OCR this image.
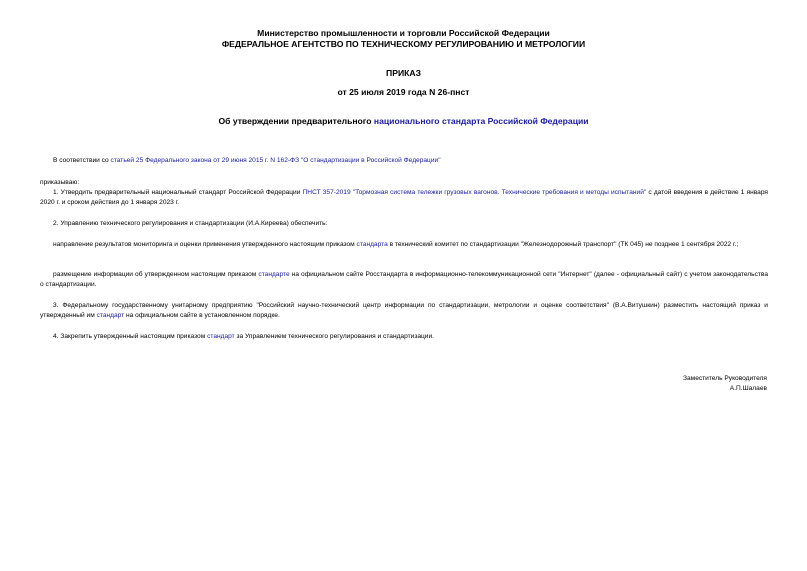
Министерство промышленности и торговли Российской Федерации
ФЕДЕРАЛЬНОЕ АГЕНТСТВО ПО ТЕХНИЧЕСКОМУ РЕГУЛИРОВАНИЮ И МЕТРОЛОГИИ
ПРИКАЗ
от 25 июля 2019 года N 26-пнст
Об утверждении предварительного национального стандарта Российской Федерации
В соответствии со статьей 25 Федерального закона от 29 июня 2015 г. N 162-ФЗ "О стандартизации в Российской Федерации"
приказываю:
1. Утвердить предварительный национальный стандарт Российской Федерации ПНСТ 357-2019 "Тормозная система тележки грузовых вагонов. Технические требования и методы испытаний" с датой введения в действие 1 января 2020 г. и сроком действия до 1 января 2023 г.
2. Управлению технического регулирования и стандартизации (И.А.Киреева) обеспечить:
направление результатов мониторинга и оценки применения утвержденного настоящим приказом стандарта в технический комитет по стандартизации "Железнодорожный транспорт" (ТК 045) не позднее 1 сентября 2022 г.;
размещение информации об утвержденном настоящим приказом стандарте на официальном сайте Росстандарта в информационно-телекоммуникационной сети "Интернет" (далее - официальный сайт) с учетом законодательства о стандартизации.
3. Федеральному государственному унитарному предприятию "Российский научно-технический центр информации по стандартизации, метрологии и оценке соответствия" (В.А.Витушкин) разместить настоящий приказ и утвержденный им стандарт на официальном сайте в установленном порядке.
4. Закрепить утвержденный настоящим приказом стандарт за Управлением технического регулирования и стандартизации.
Заместитель Руководителя
А.П.Шалаев
